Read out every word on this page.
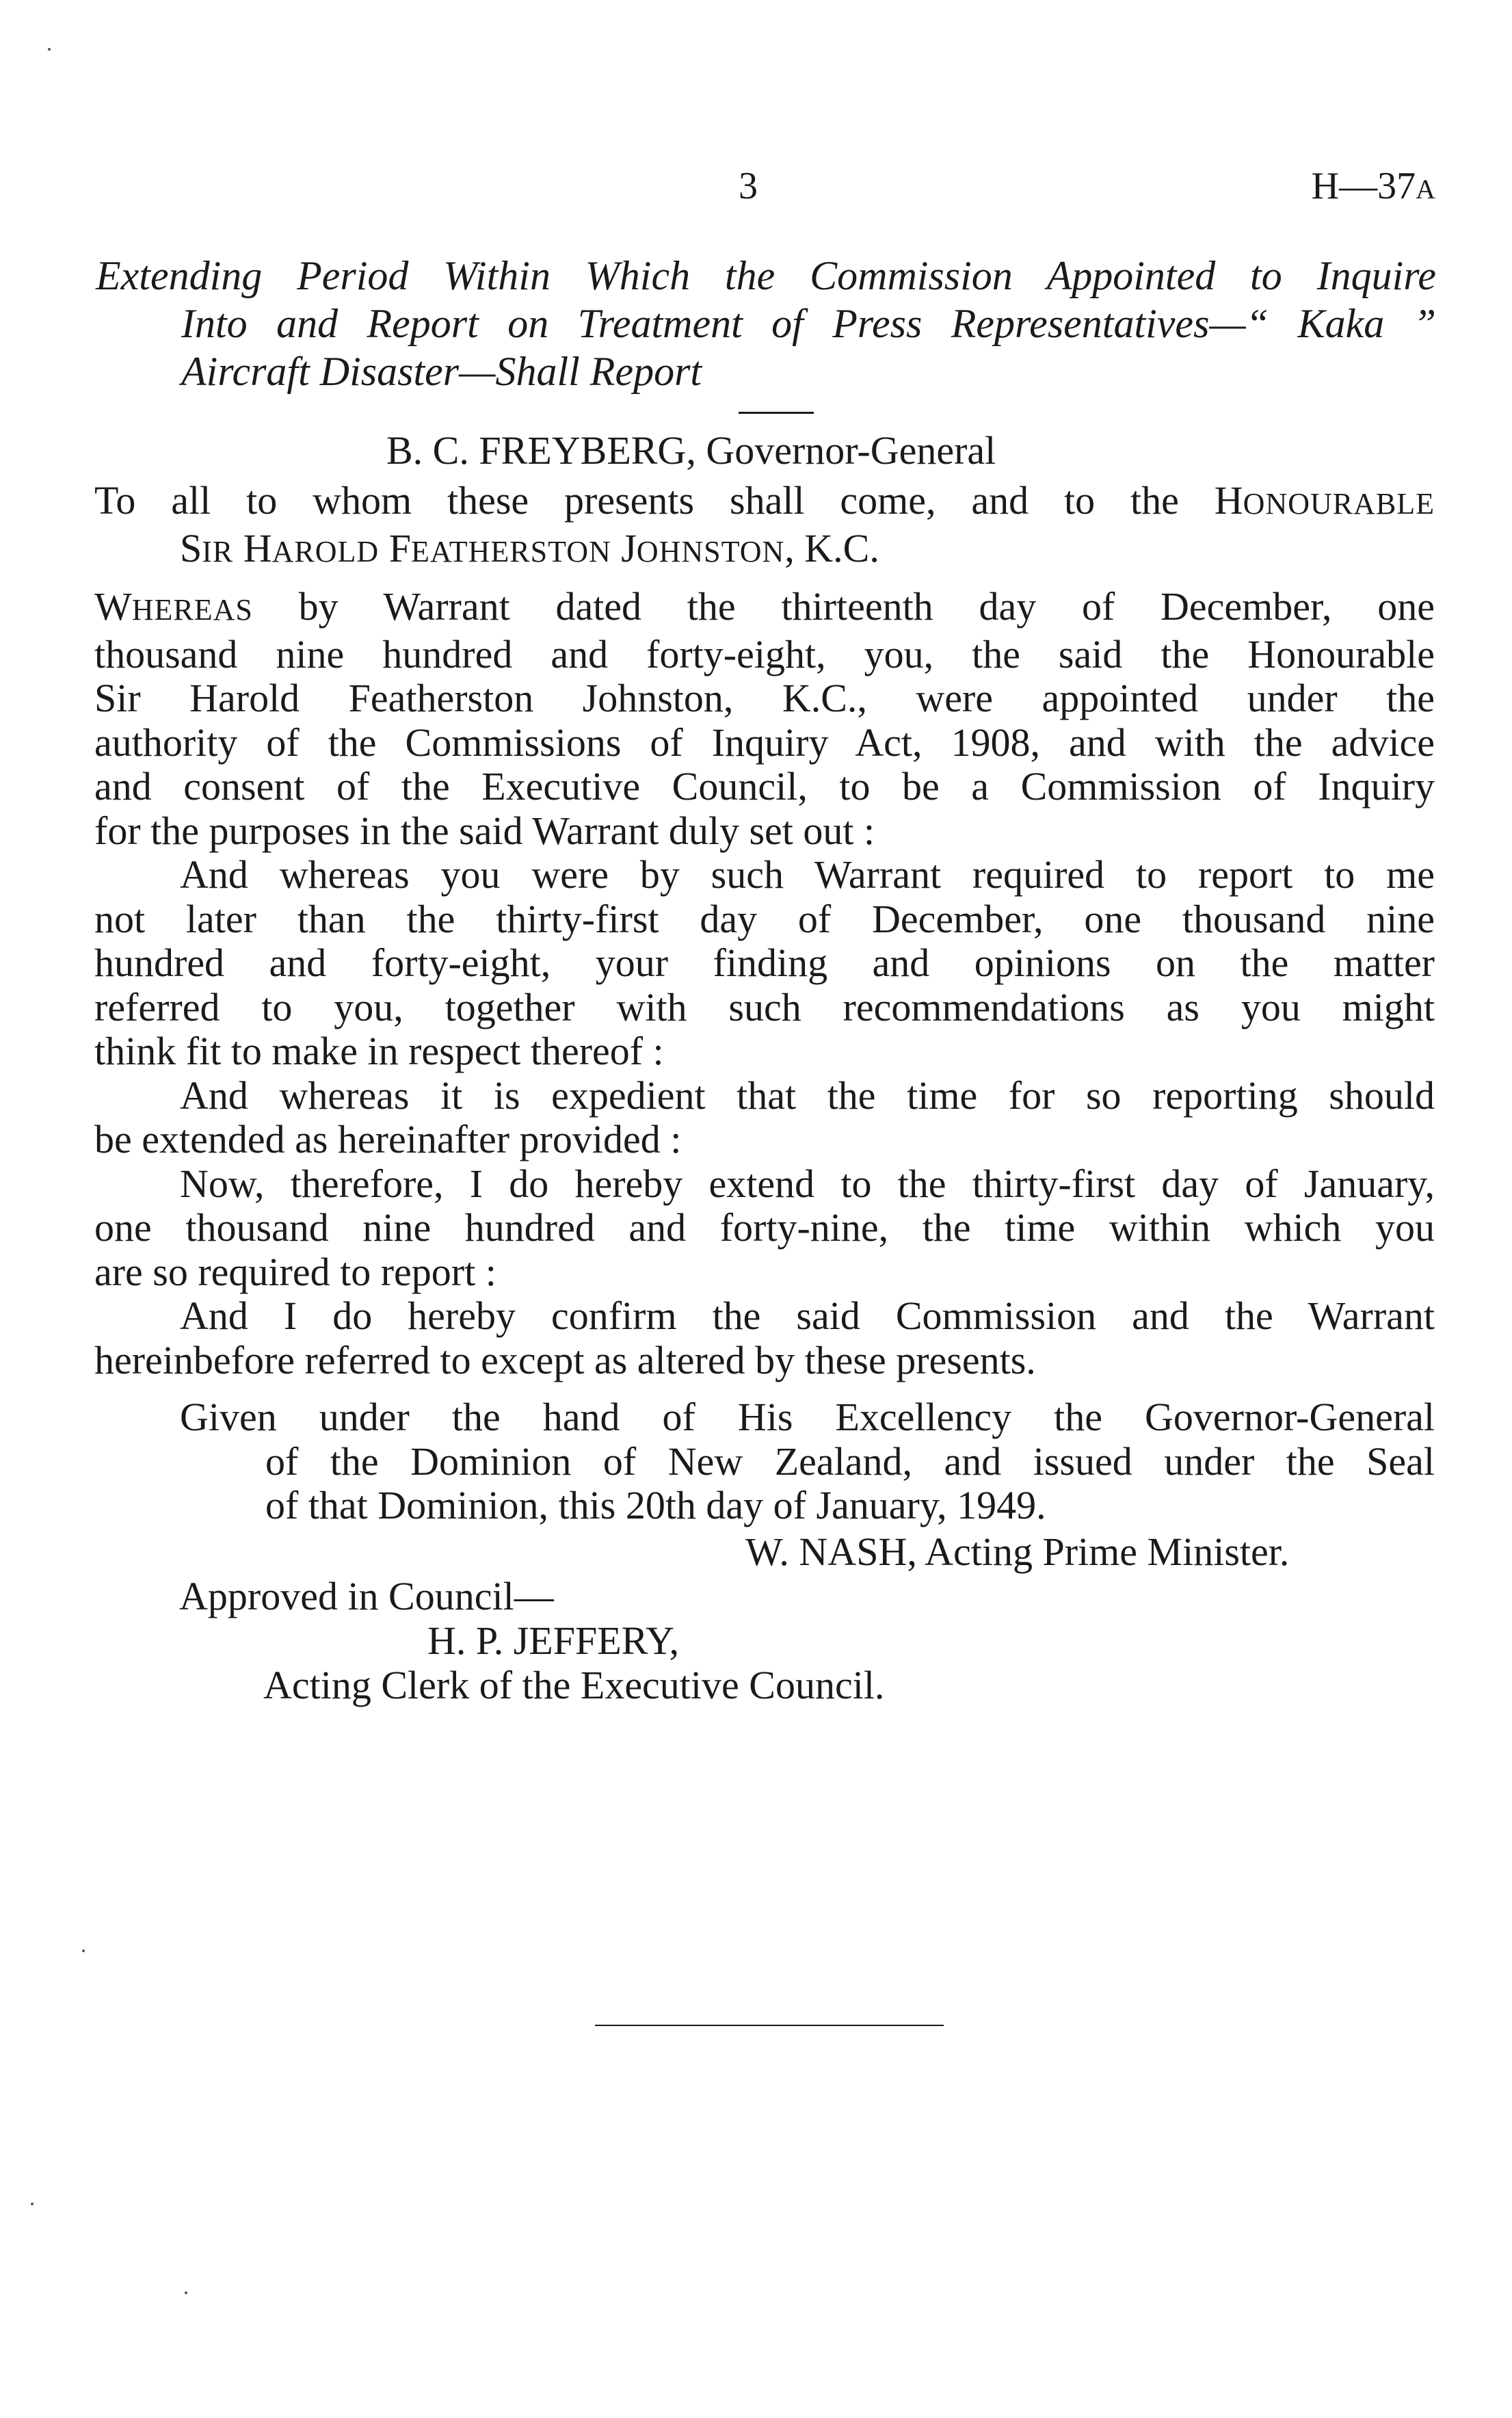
3	H—37A
Extending Period Within Which the Commission Appointed to Inquire
Into and Report on Treatment of Press Representatives—“ Kaka ”
Aircraft Disaster—Shall Report
B. C. FREYBERG, Governor-General
To all to whom these presents shall come, and to the HONOURABLE
SIR HAROLD FEATHERSTON JOHNSTON, K.C.
WHEREAS by Warrant dated the thirteenth day of December, one
thousand nine hundred and forty-eight, you, the said the Honourable
Sir Harold Featherston Johnston, K.C., were appointed under the
authority of the Commissions of Inquiry Act, 1908, and with the advice
and consent of the Executive Council, to be a Commission of Inquiry
for the purposes in the said Warrant duly set out :
And whereas you were by such Warrant required to report to me
not later than the thirty-first day of December, one thousand nine
hundred and forty-eight, your finding and opinions on the matter
referred to you, together with such recommendations as you might
think fit to make in respect thereof :
And whereas it is expedient that the time for so reporting should
be extended as hereinafter provided :
Now, therefore, I do hereby extend to the thirty-first day of January,
one thousand nine hundred and forty-nine, the time within which you
are so required to report :
And I do hereby confirm the said Commission and the Warrant
hereinbefore referred to except as altered by these presents.
Given under the hand of His Excellency the Governor-General
of the Dominion of New Zealand, and issued under the Seal
of that Dominion, this 20th day of January, 1949.
W. NASH, Acting Prime Minister.
Approved in Council—
H. P. JEFFERY,
Acting Clerk of the Executive Council.
